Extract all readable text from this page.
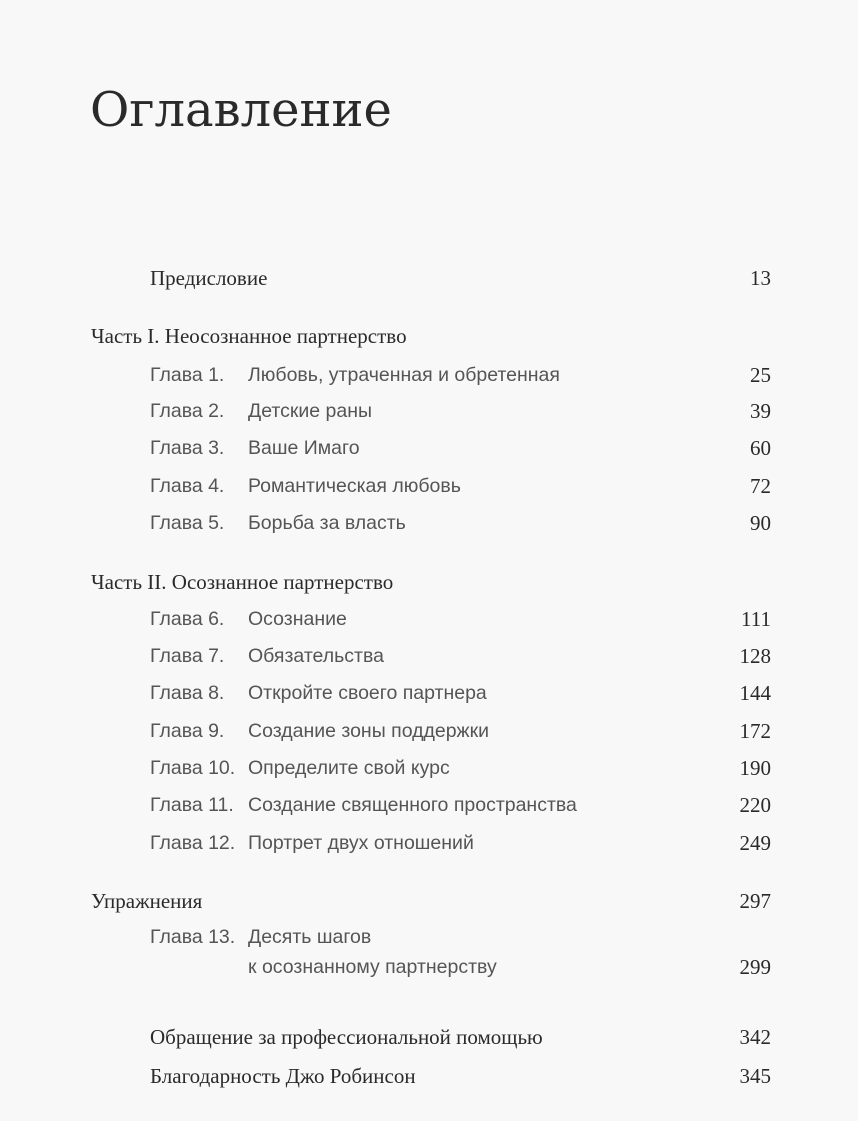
Оглавление
Предисловие	13
Часть I. Неосознанное партнерство
Глава 1. Любовь, утраченная и обретенная	25
Глава 2. Детские раны	39
Глава 3. Ваше Имаго	60
Глава 4. Романтическая любовь	72
Глава 5. Борьба за власть	90
Часть II. Осознанное партнерство
Глава 6. Осознание	111
Глава 7. Обязательства	128
Глава 8. Откройте своего партнера	144
Глава 9. Создание зоны поддержки	172
Глава 10. Определите свой курс	190
Глава 11. Создание священного пространства	220
Глава 12. Портрет двух отношений	249
Упражнения	297
Глава 13. Десять шагов
к осознанному партнерству	299
Обращение за профессиональной помощью	342
Благодарность Джо Робинсон	345
